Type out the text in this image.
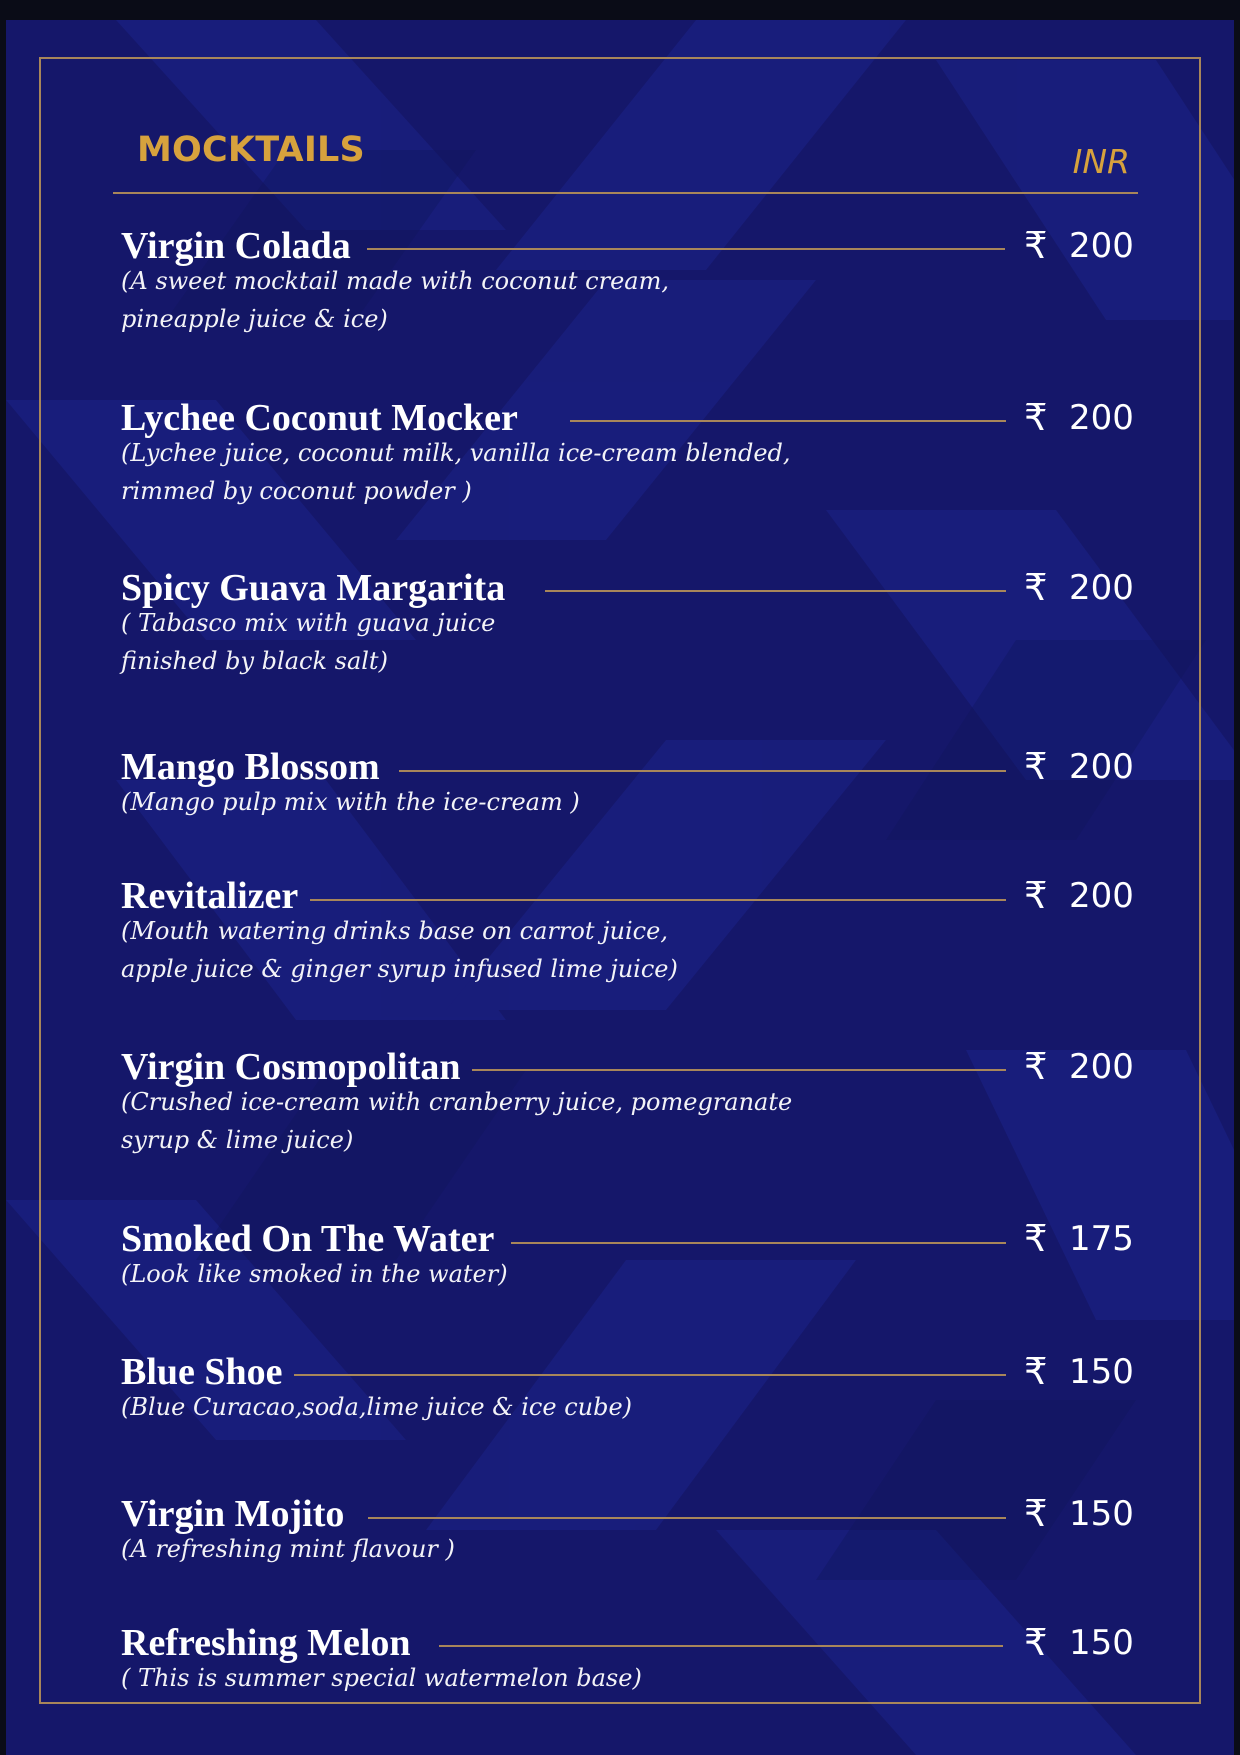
MOCKTAILS	INR
Virgin Colada	₹ 200
(A sweet mocktail made with coconut cream,
pineapple juice & ice)
Lychee Coconut Mocker	₹ 200
(Lychee juice, coconut milk, vanilla ice-cream blended,
rimmed by coconut powder )
Spicy Guava Margarita	₹ 200
( Tabasco mix with guava juice
finished by black salt)
Mango Blossom	₹ 200
(Mango pulp mix with the ice-cream )
Revitalizer	₹ 200
(Mouth watering drinks base on carrot juice,
apple juice & ginger syrup infused lime juice)
Virgin Cosmopolitan	₹ 200
(Crushed ice-cream with cranberry juice, pomegranate
syrup & lime juice)
Smoked On The Water	₹ 175
(Look like smoked in the water)
Blue Shoe	₹ 150
(Blue Curacao,soda,lime juice & ice cube)
Virgin Mojito	₹ 150
(A refreshing mint flavour )
Refreshing Melon	₹ 150
( This is summer special watermelon base)
